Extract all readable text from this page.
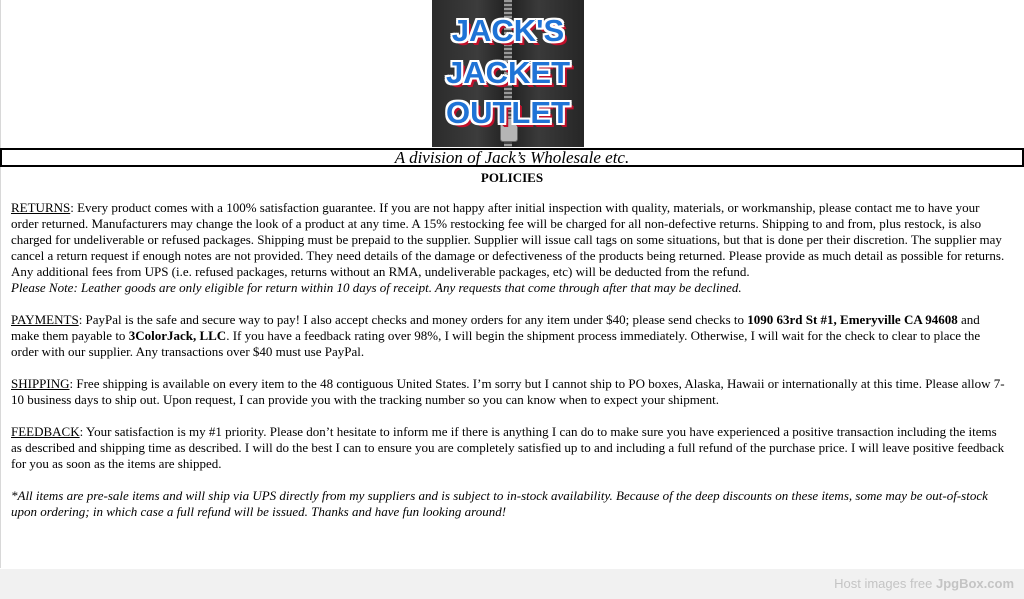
JACK'S
JACKET
OUTLET
A division of Jack’s Wholesale etc.
POLICIES

RETURNS: Every product comes with a 100% satisfaction guarantee. If you are not happy after initial inspection with quality, materials, or workmanship, please contact me to have your order returned. Manufacturers may change the look of a product at any time. A 15% restocking fee will be charged for all non-defective returns. Shipping to and from, plus restock, is also charged for undeliverable or refused packages. Shipping must be prepaid to the supplier. Supplier will issue call tags on some situations, but that is done per their discretion. The supplier may cancel a return request if enough notes are not provided. They need details of the damage or defectiveness of the products being returned. Please provide as much detail as possible for returns. Any additional fees from UPS (i.e. refused packages, returns without an RMA, undeliverable packages, etc) will be deducted from the refund.
Please Note: Leather goods are only eligible for return within 10 days of receipt. Any requests that come through after that may be declined.

PAYMENTS: PayPal is the safe and secure way to pay! I also accept checks and money orders for any item under $40; please send checks to 1090 63rd St #1, Emeryville CA 94608 and make them payable to 3ColorJack, LLC. If you have a feedback rating over 98%, I will begin the shipment process immediately. Otherwise, I will wait for the check to clear to place the order with our supplier. Any transactions over $40 must use PayPal.

SHIPPING: Free shipping is available on every item to the 48 contiguous United States. I’m sorry but I cannot ship to PO boxes, Alaska, Hawaii or internationally at this time. Please allow 7-10 business days to ship out. Upon request, I can provide you with the tracking number so you can know when to expect your shipment.

FEEDBACK: Your satisfaction is my #1 priority. Please don’t hesitate to inform me if there is anything I can do to make sure you have experienced a positive transaction including the items as described and shipping time as described. I will do the best I can to ensure you are completely satisfied up to and including a full refund of the purchase price. I will leave positive feedback for you as soon as the items are shipped.

*All items are pre-sale items and will ship via UPS directly from my suppliers and is subject to in-stock availability. Because of the deep discounts on these items, some may be out-of-stock upon ordering; in which case a full refund will be issued. Thanks and have fun looking around!

Host images free JpgBox.com
